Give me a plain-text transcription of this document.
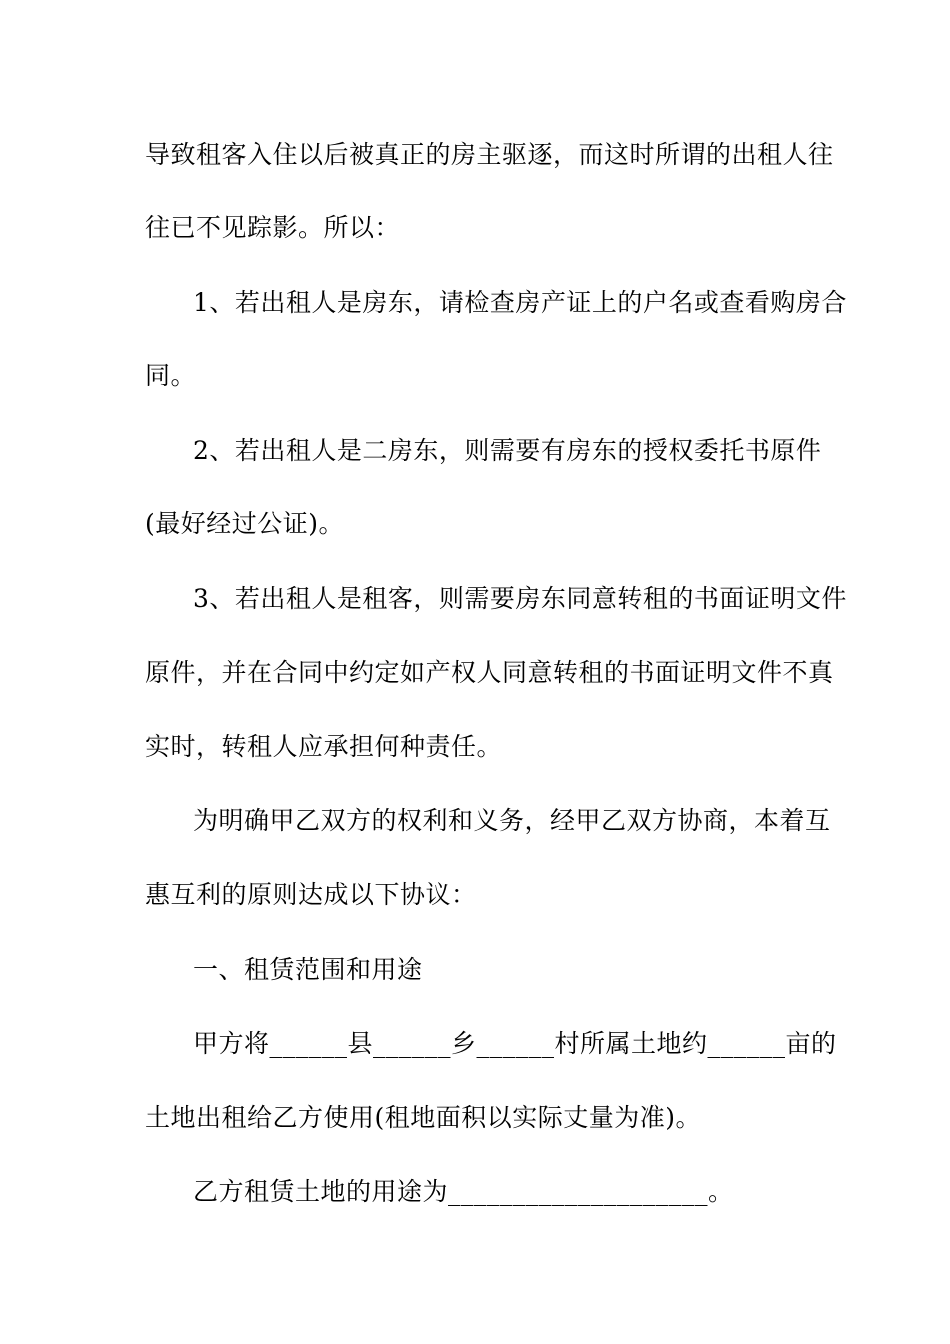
导致租客入住以后被真正的房主驱逐，而这时所谓的出租人往
往已不见踪影。所以：
1、若出租人是房东，请检查房产证上的户名或查看购房合
同。
2、若出租人是二房东，则需要有房东的授权委托书原件
(最好经过公证)。
3、若出租人是租客，则需要房东同意转租的书面证明文件
原件，并在合同中约定如产权人同意转租的书面证明文件不真
实时，转租人应承担何种责任。
为明确甲乙双方的权利和义务，经甲乙双方协商，本着互
惠互利的原则达成以下协议：
一、租赁范围和用途
甲方将______县______乡______村所属土地约______亩的
土地出租给乙方使用(租地面积以实际丈量为准)。
乙方租赁土地的用途为____________________。
